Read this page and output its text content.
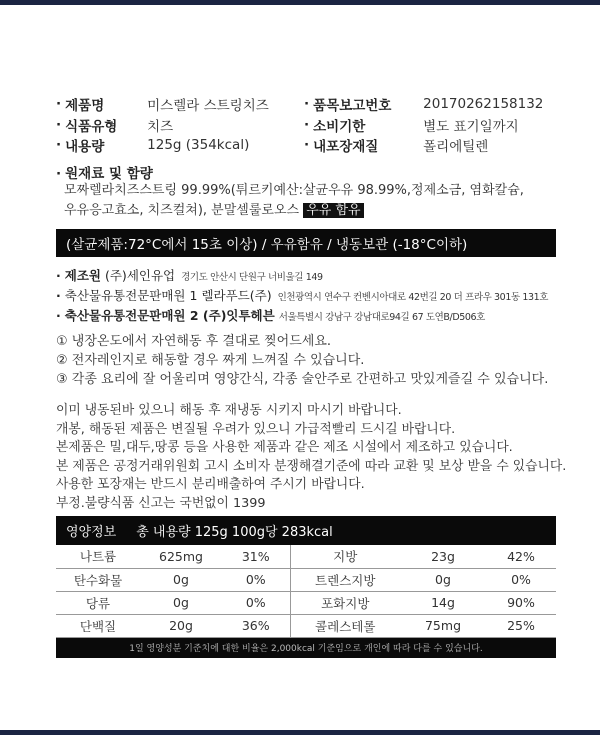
· 제품명	미스렐라 스트링치즈	· 품목보고번호	20170262158132
· 식품유형	치즈	· 소비기한	별도 표기일까지
· 내용량	125g (354kcal)	· 내포장재질	폴리에틸렌
· 원재료 및 함량
모짜렐라치즈스트링 99.99%(튀르키예산:살균우유 98.99%,정제소금, 염화칼슘,
우유응고효소, 치즈컬쳐), 분말셀룰로오스 우유 함유
(살균제품:72°C에서 15초 이상) / 우유함유 / 냉동보관 (-18°C이하)
· 제조원 (주)세인유업 경기도 안산시 단원구 너비울길 149
· 축산물유통전문판매원 1 렐라푸드(주) 인천광역시 연수구 컨벤시아대로 42번길 20 더 프라우 301동 131호
· 축산물유통전문판매원 2 (주)잇투헤븐 서울특별시 강남구 강남대로94길 67 도연B/D506호
① 냉장온도에서 자연해동 후 결대로 찢어드세요.
② 전자레인지로 해동할 경우 짜게 느껴질 수 있습니다.
③ 각종 요리에 잘 어울리며 영양간식, 각종 술안주로 간편하고 맛있게즐길 수 있습니다.
이미 냉동된바 있으니 해동 후 재냉동 시키지 마시기 바랍니다.
개봉, 해동된 제품은 변질될 우려가 있으니 가급적빨리 드시길 바랍니다.
본제품은 밀,대두,땅콩 등을 사용한 제품과 같은 제조 시설에서 제조하고 있습니다.
본 제품은 공정거래위원회 고시 소비자 분쟁해결기준에 따라 교환 및 보상 받을 수 있습니다.
사용한 포장재는 반드시 분리배출하여 주시기 바랍니다.
부정.불량식품 신고는 국번없이 1399
영양정보 총 내용량 125g 100g당 283kcal
나트륨	625mg	31%	지방	23g	42%
탄수화물	0g	0%	트렌스지방	0g	0%
당류	0g	0%	포화지방	14g	90%
단백질	20g	36%	콜레스테롤	75mg	25%
1일 영양성분 기준치에 대한 비율은 2,000kcal 기준임으로 개인에 따라 다를 수 있습니다.
